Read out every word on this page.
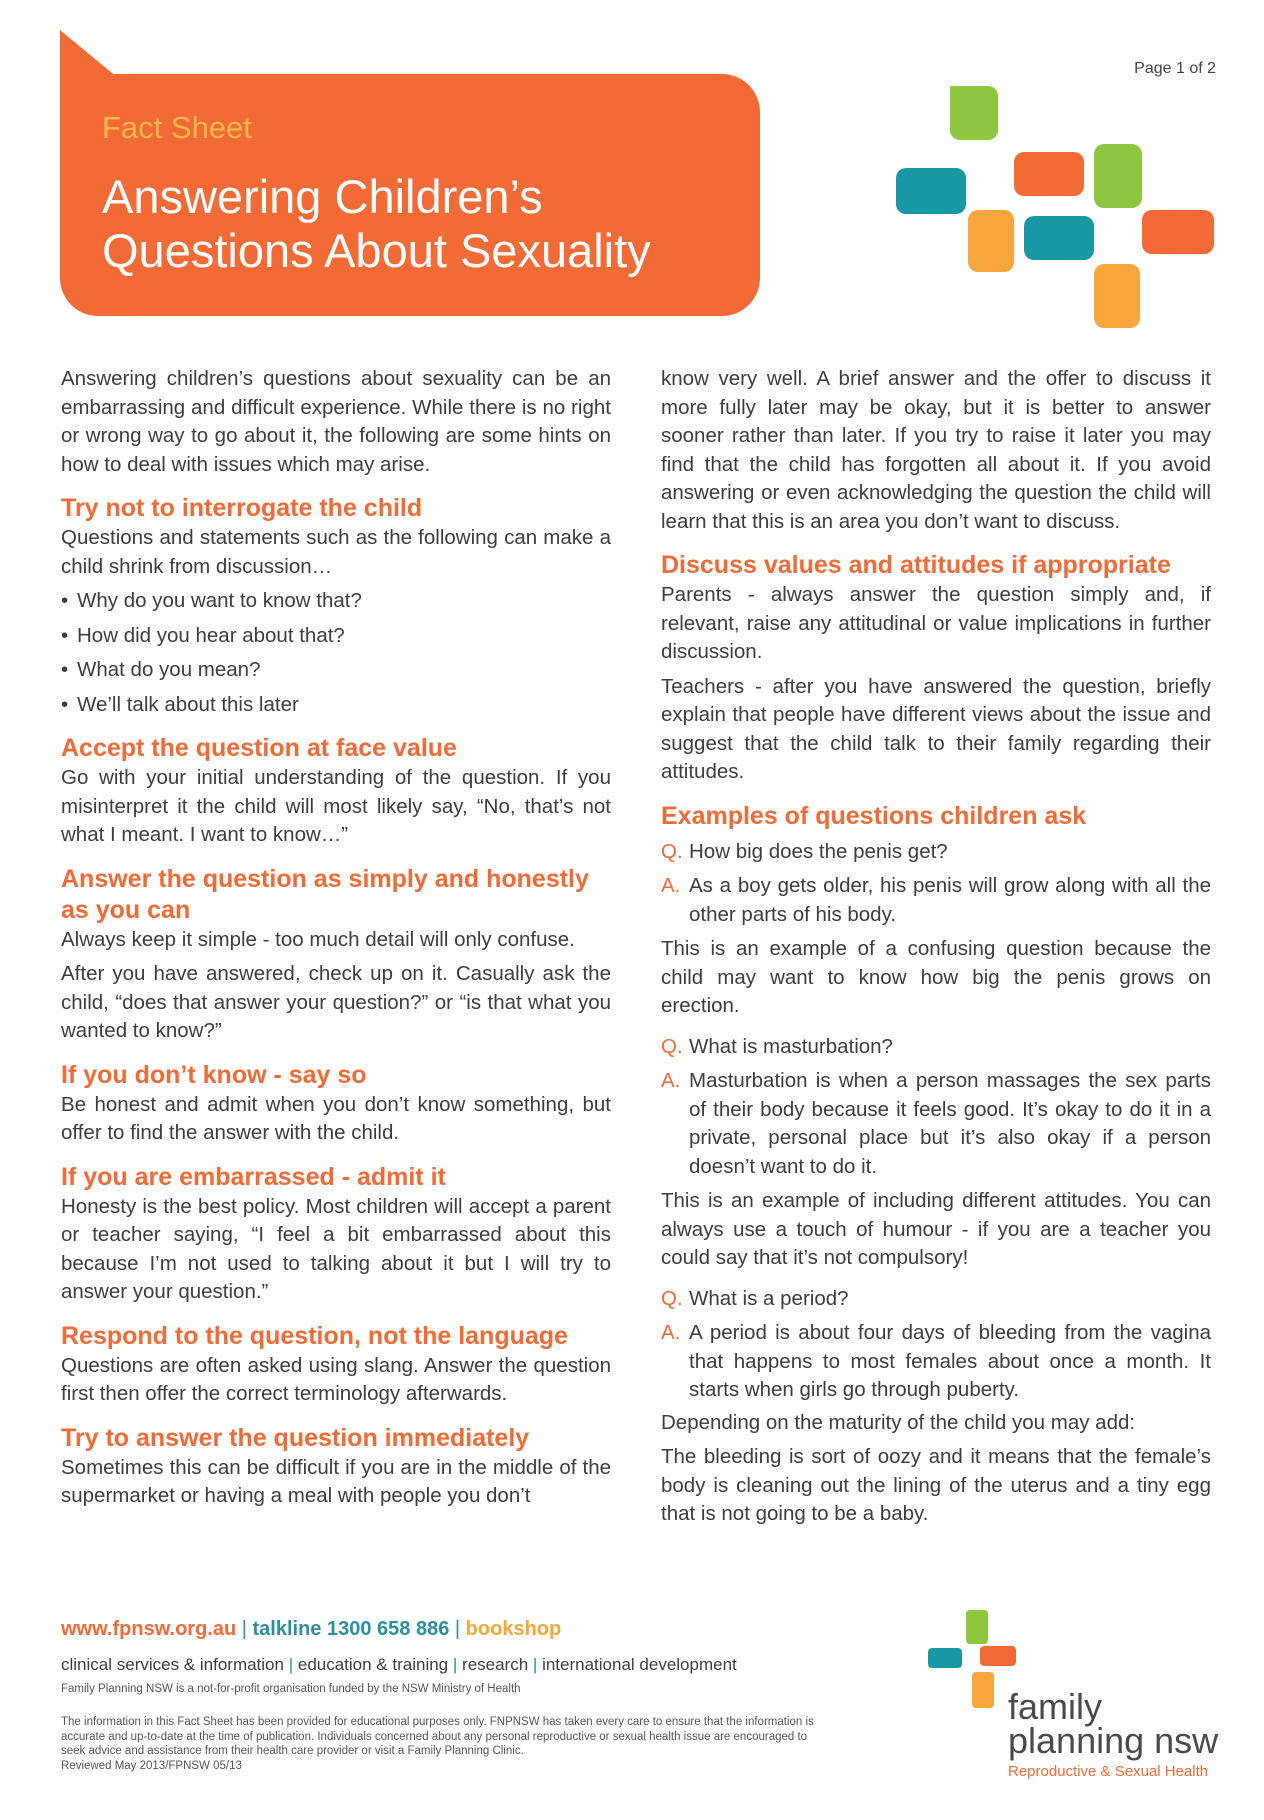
Fact Sheet
Answering Children’s Questions About Sexuality
Page 1 of 2

Answering children’s questions about sexuality can be an embarrassing and difficult experience. While there is no right or wrong way to go about it, the following are some hints on how to deal with issues which may arise.

Try not to interrogate the child

Questions and statements such as the following can make a child shrink from discussion…

• Why do you want to know that?
• How did you hear about that?
• What do you mean?
• We’ll talk about this later
Accept the question at face value

Go with your initial understanding of the question. If you misinterpret it the child will most likely say, “No, that’s not what I meant. I want to know…”

Answer the question as simply and honestly as you can

Always keep it simple - too much detail will only confuse.

After you have answered, check up on it. Casually ask the child, “does that answer your question?” or “is that what you wanted to know?”

If you don’t know - say so

Be honest and admit when you don’t know something, but offer to find the answer with the child.

If you are embarrassed - admit it

Honesty is the best policy. Most children will accept a parent or teacher saying, “I feel a bit embarrassed about this because I’m not used to talking about it but I will try to answer your question.”

Respond to the question, not the language

Questions are often asked using slang. Answer the question first then offer the correct terminology afterwards.

Try to answer the question immediately

Sometimes this can be difficult if you are in the middle of the supermarket or having a meal with people you don’t

know very well. A brief answer and the offer to discuss it more fully later may be okay, but it is better to answer sooner rather than later. If you try to raise it later you may find that the child has forgotten all about it. If you avoid answering or even acknowledging the question the child will learn that this is an area you don’t want to discuss.

Discuss values and attitudes if appropriate

Parents - always answer the question simply and, if relevant, raise any attitudinal or value implications in further discussion.

Teachers - after you have answered the question, briefly explain that people have different views about the issue and suggest that the child talk to their family regarding their attitudes.

Examples of questions children ask

Q. How big does the penis get?

A. As a boy gets older, his penis will grow along with all the other parts of his body.

This is an example of a confusing question because the child may want to know how big the penis grows on erection.

Q. What is masturbation?

A. Masturbation is when a person massages the sex parts of their body because it feels good. It’s okay to do it in a private, personal place but it’s also okay if a person doesn’t want to do it.

This is an example of including different attitudes. You can always use a touch of humour - if you are a teacher you could say that it’s not compulsory!

Q. What is a period?

A. A period is about four days of bleeding from the vagina that happens to most females about once a month. It starts when girls go through puberty.

Depending on the maturity of the child you may add:

The bleeding is sort of oozy and it means that the female’s body is cleaning out the lining of the uterus and a tiny egg that is not going to be a baby.

www.fpnsw.org.au | talkline 1300 658 886 | bookshop
clinical services & information | education & training | research | international development
Family Planning NSW is a not-for-profit organisation funded by the NSW Ministry of Health
The information in this Fact Sheet has been provided for educational purposes only. FNPNSW has taken every care to ensure that the information is accurate and up-to-date at the time of publication. Individuals concerned about any personal reproductive or sexual health issue are encouraged to seek advice and assistance from their health care provider or visit a Family Planning Clinic.
Reviewed May 2013/FPNSW 05/13
family
planning nsw
Reproductive & Sexual Health
